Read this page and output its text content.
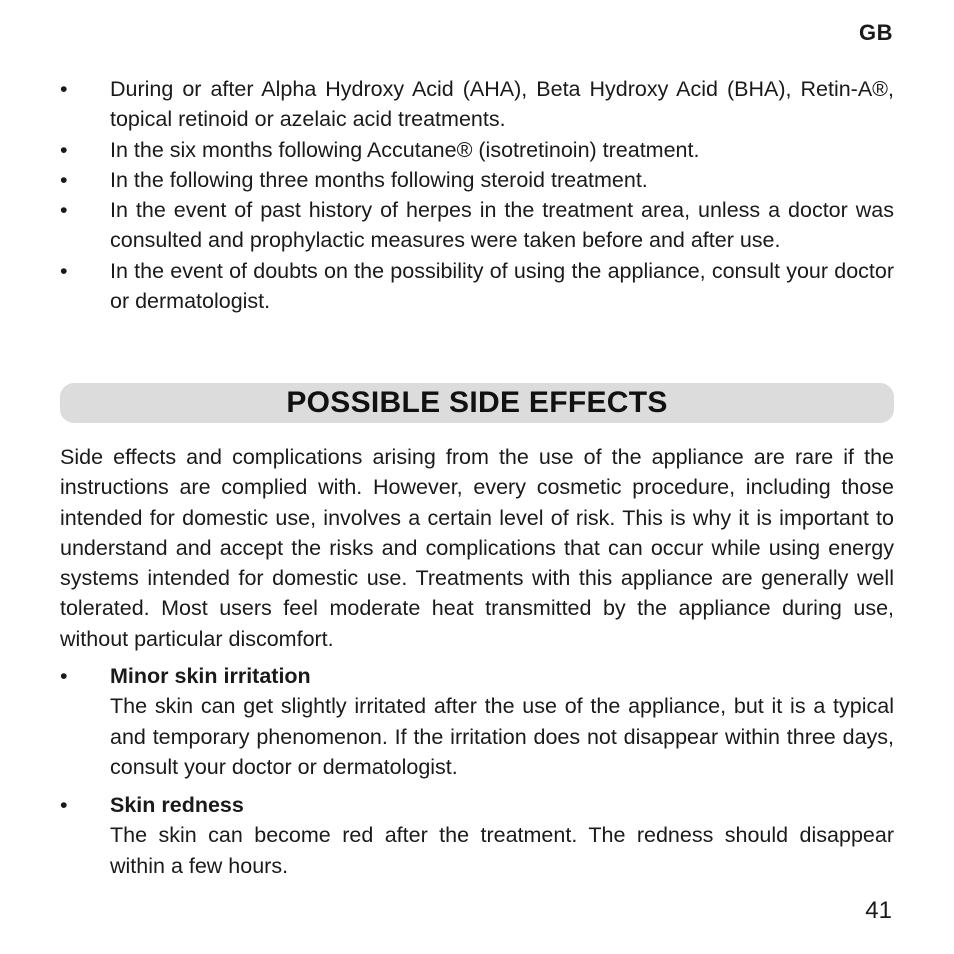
GB
•	During or after Alpha Hydroxy Acid (AHA), Beta Hydroxy Acid (BHA), Retin-A®, topical retinoid or azelaic acid treatments.
•	In the six months following Accutane® (isotretinoin) treatment.
•	In the following three months following steroid treatment.
•	In the event of past history of herpes in the treatment area, unless a doctor was consulted and prophylactic measures were taken before and after use.
•	In the event of doubts on the possibility of using the appliance, consult your doctor or dermatologist.
POSSIBLE SIDE EFFECTS

Side effects and complications arising from the use of the appliance are rare if the instructions are complied with. However, every cosmetic procedure, including those intended for domestic use, involves a certain level of risk. This is why it is important to understand and accept the risks and complications that can occur while using energy systems intended for domestic use. Treatments with this appliance are generally well tolerated. Most users feel moderate heat transmitted by the appliance during use, without particular discomfort.

•	Minor skin irritation
The skin can get slightly irritated after the use of the appliance, but it is a typical and temporary phenomenon. If the irritation does not disappear within three days, consult your doctor or dermatologist.
•	Skin redness
The skin can become red after the treatment. The redness should disappear within a few hours.
41
